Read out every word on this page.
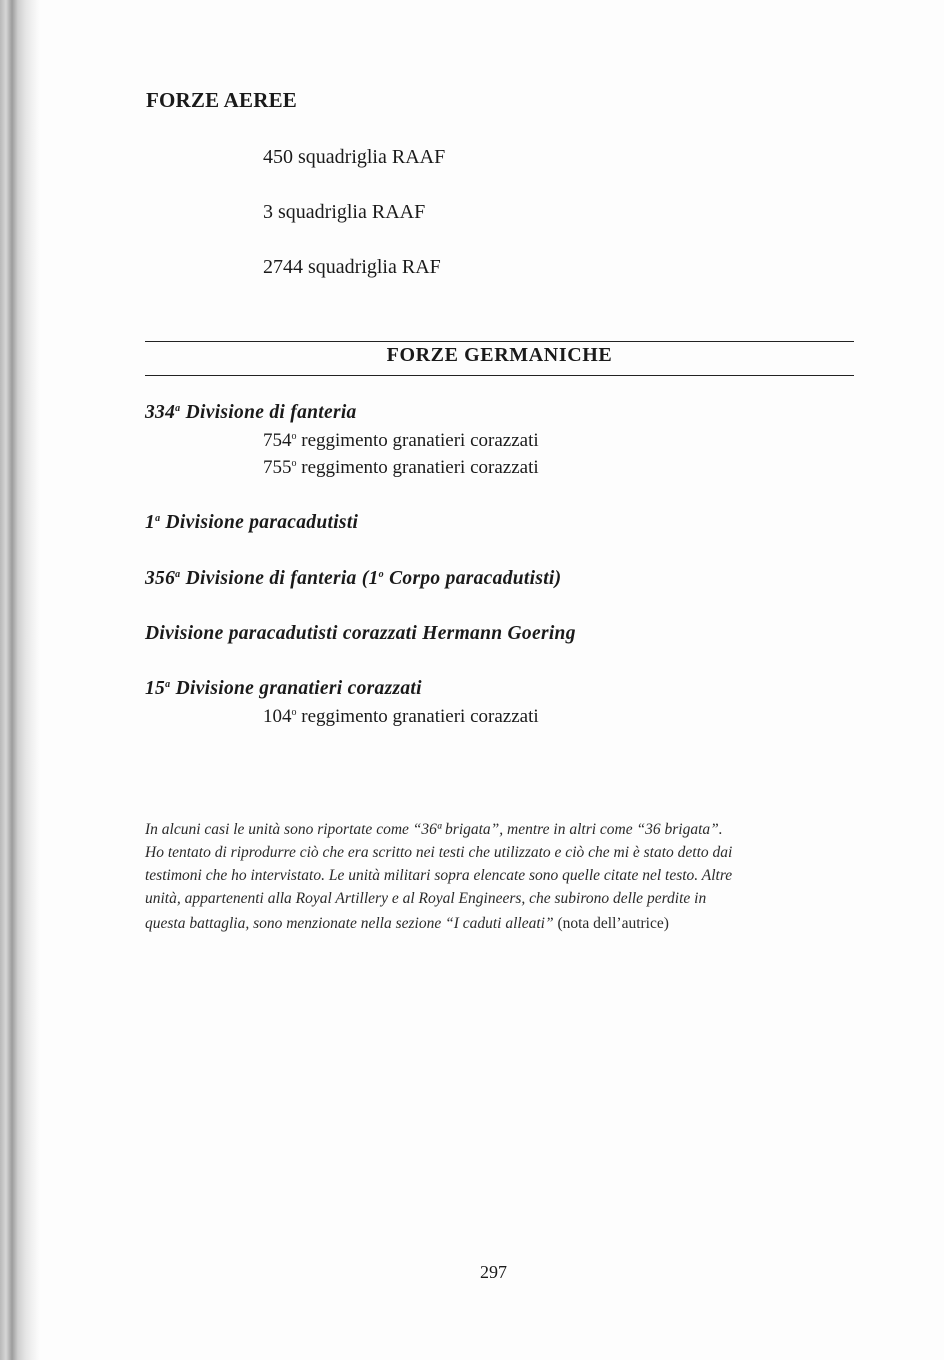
FORZE AEREE
450 squadriglia RAAF
3 squadriglia RAAF
2744 squadriglia RAF
FORZE GERMANICHE
334$^a$ Divisione di fanteria
754$^o$ reggimento granatieri corazzati
755$^o$ reggimento granatieri corazzati
1$^a$ Divisione paracadutisti
356$^a$ Divisione di fanteria (1$^o$ Corpo paracadutisti)
Divisione paracadutisti corazzati Hermann Goering
15$^a$ Divisione granatieri corazzati
104$^o$ reggimento granatieri corazzati
In alcuni casi le unità sono riportate come “36ª brigata”, mentre in altri come “36 brigata”.
Ho tentato di riprodurre ciò che era scritto nei testi che utilizzato e ciò che mi è stato detto dai
testimoni che ho intervistato. Le unità militari sopra elencate sono quelle citate nel testo. Altre
unità, appartenenti alla Royal Artillery e al Royal Engineers, che subirono delle perdite in
questa battaglia, sono menzionate nella sezione “I caduti alleati” (nota dell’autrice)
297
